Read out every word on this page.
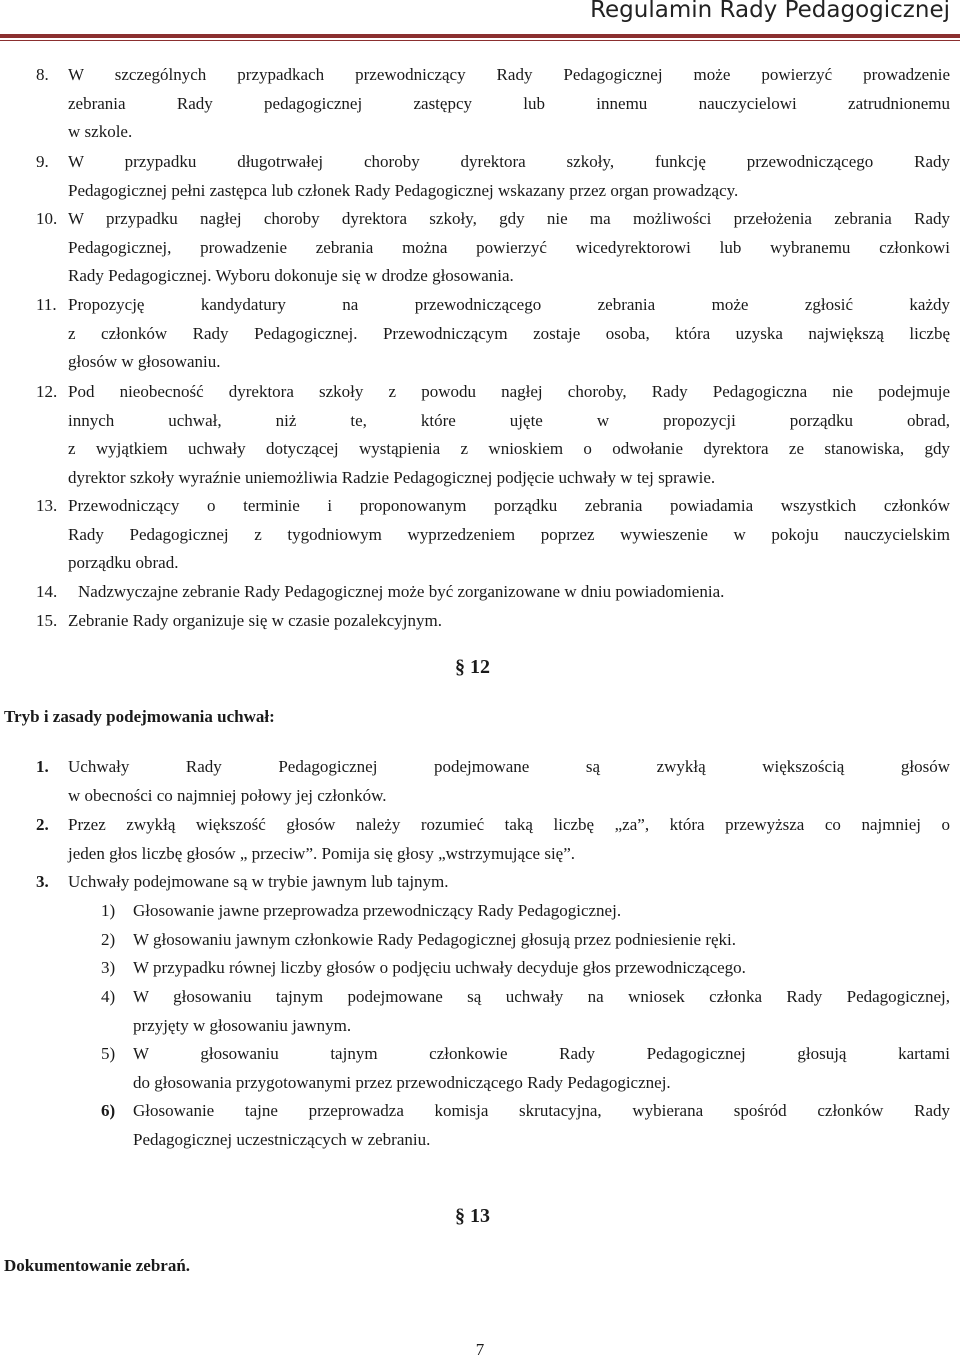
Regulamin Rady Pedagogicznej
8. W szczególnych przypadkach przewodniczący Rady Pedagogicznej może powierzyć prowadzenie
zebrania Rady pedagogicznej zastępcy lub innemu nauczycielowi zatrudnionemu
w szkole.
9. W przypadku długotrwałej choroby dyrektora szkoły, funkcję przewodniczącego Rady
Pedagogicznej pełni zastępca lub członek Rady Pedagogicznej wskazany przez organ prowadzący.
10. W przypadku nagłej choroby dyrektora szkoły, gdy nie ma możliwości przełożenia zebrania Rady
Pedagogicznej, prowadzenie zebrania można powierzyć wicedyrektorowi lub wybranemu członkowi
Rady Pedagogicznej. Wyboru dokonuje się w drodze głosowania.
11. Propozycję kandydatury na przewodniczącego zebrania może zgłosić każdy
z członków Rady Pedagogicznej. Przewodniczącym zostaje osoba, która uzyska największą liczbę
głosów w głosowaniu.
12. Pod nieobecność dyrektora szkoły z powodu nagłej choroby, Rady Pedagogiczna nie podejmuje
innych uchwał, niż te, które ujęte w propozycji porządku obrad,
z wyjątkiem uchwały dotyczącej wystąpienia z wnioskiem o odwołanie dyrektora ze stanowiska, gdy
dyrektor szkoły wyraźnie uniemożliwia Radzie Pedagogicznej podjęcie uchwały w tej sprawie.
13. Przewodniczący o terminie i proponowanym porządku zebrania powiadamia wszystkich członków
Rady Pedagogicznej z tygodniowym wyprzedzeniem poprzez wywieszenie w pokoju nauczycielskim
porządku obrad.
14. Nadzwyczajne zebranie Rady Pedagogicznej może być zorganizowane w dniu powiadomienia.
15. Zebranie Rady organizuje się w czasie pozalekcyjnym.
§ 12
Tryb i zasady podejmowania uchwał:
1. Uchwały Rady Pedagogicznej podejmowane są zwykłą większością głosów
w obecności co najmniej połowy jej członków.
2. Przez zwykłą większość głosów należy rozumieć taką liczbę „za”, która przewyższa co najmniej o
jeden głos liczbę głosów „ przeciw”. Pomija się głosy „wstrzymujące się”.
3. Uchwały podejmowane są w trybie jawnym lub tajnym.
1) Głosowanie jawne przeprowadza przewodniczący Rady Pedagogicznej.
2) W głosowaniu jawnym członkowie Rady Pedagogicznej głosują przez podniesienie ręki.
3) W przypadku równej liczby głosów o podjęciu uchwały decyduje głos przewodniczącego.
4) W głosowaniu tajnym podejmowane są uchwały na wniosek członka Rady Pedagogicznej,
przyjęty w głosowaniu jawnym.
5) W głosowaniu tajnym członkowie Rady Pedagogicznej głosują kartami
do głosowania przygotowanymi przez przewodniczącego Rady Pedagogicznej.
6) Głosowanie tajne przeprowadza komisja skrutacyjna, wybierana spośród członków Rady
Pedagogicznej uczestniczących w zebraniu.
§ 13
Dokumentowanie zebrań.
7
